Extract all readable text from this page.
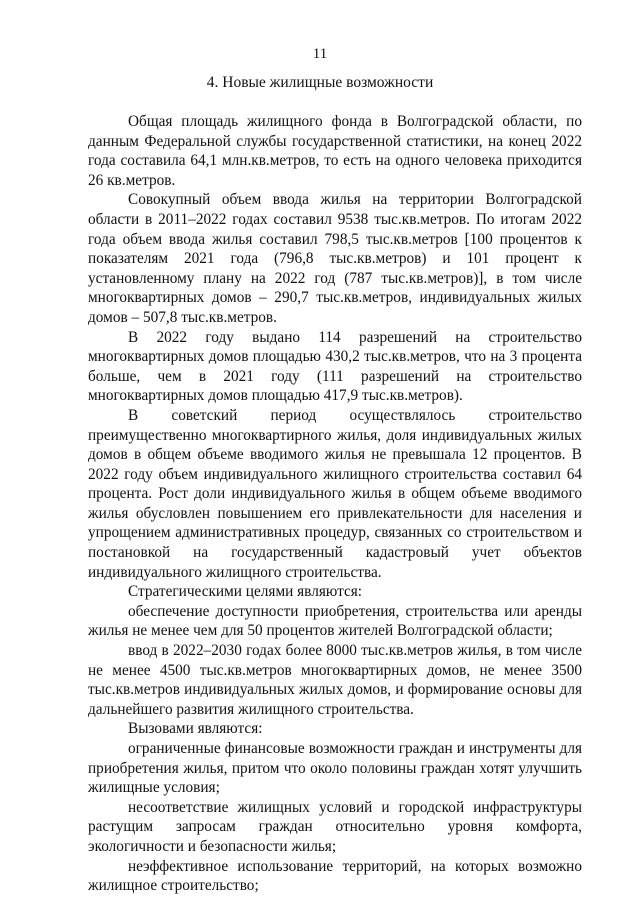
11
4. Новые жилищные возможности

Общая площадь жилищного фонда в Волгоградской области, по данным Федеральной службы государственной статистики, на конец 2022 года составила 64,1 млн.кв.метров, то есть на одного человека приходится 26 кв.метров.

Совокупный объем ввода жилья на территории Волгоградской области в 2011–2022 годах составил 9538 тыс.кв.метров. По итогам 2022 года объем ввода жилья составил 798,5 тыс.кв.метров [100 процентов к показателям 2021 года (796,8 тыс.кв.метров) и 101 процент к установленному плану на 2022 год (787 тыс.кв.метров)], в том числе многоквартирных домов – 290,7 тыс.кв.метров, индивидуальных жилых домов – 507,8 тыс.кв.метров.

В 2022 году выдано 114 разрешений на строительство многоквартирных домов площадью 430,2 тыс.кв.метров, что на 3 процента больше, чем в 2021 году (111 разрешений на строительство многоквартирных домов площадью 417,9 тыс.кв.метров).

В советский период осуществлялось строительство преимущественно многоквартирного жилья, доля индивидуальных жилых домов в общем объеме вводимого жилья не превышала 12 процентов. В 2022 году объем индивидуального жилищного строительства составил 64 процента. Рост доли индивидуального жилья в общем объеме вводимого жилья обусловлен повышением его привлекательности для населения и упрощением административных процедур, связанных со строительством и постановкой на государственный кадастровый учет объектов индивидуального жилищного строительства.

Стратегическими целями являются:

обеспечение доступности приобретения, строительства или аренды жилья не менее чем для 50 процентов жителей Волгоградской области;

ввод в 2022–2030 годах более 8000 тыс.кв.метров жилья, в том числе не менее 4500 тыс.кв.метров многоквартирных домов, не менее 3500 тыс.кв.метров индивидуальных жилых домов, и формирование основы для дальнейшего развития жилищного строительства.

Вызовами являются:

ограниченные финансовые возможности граждан и инструменты для приобретения жилья, притом что около половины граждан хотят улучшить жилищные условия;

несоответствие жилищных условий и городской инфраструктуры растущим запросам граждан относительно уровня комфорта, экологичности и безопасности жилья;

неэффективное использование территорий, на которых возможно жилищное строительство;
